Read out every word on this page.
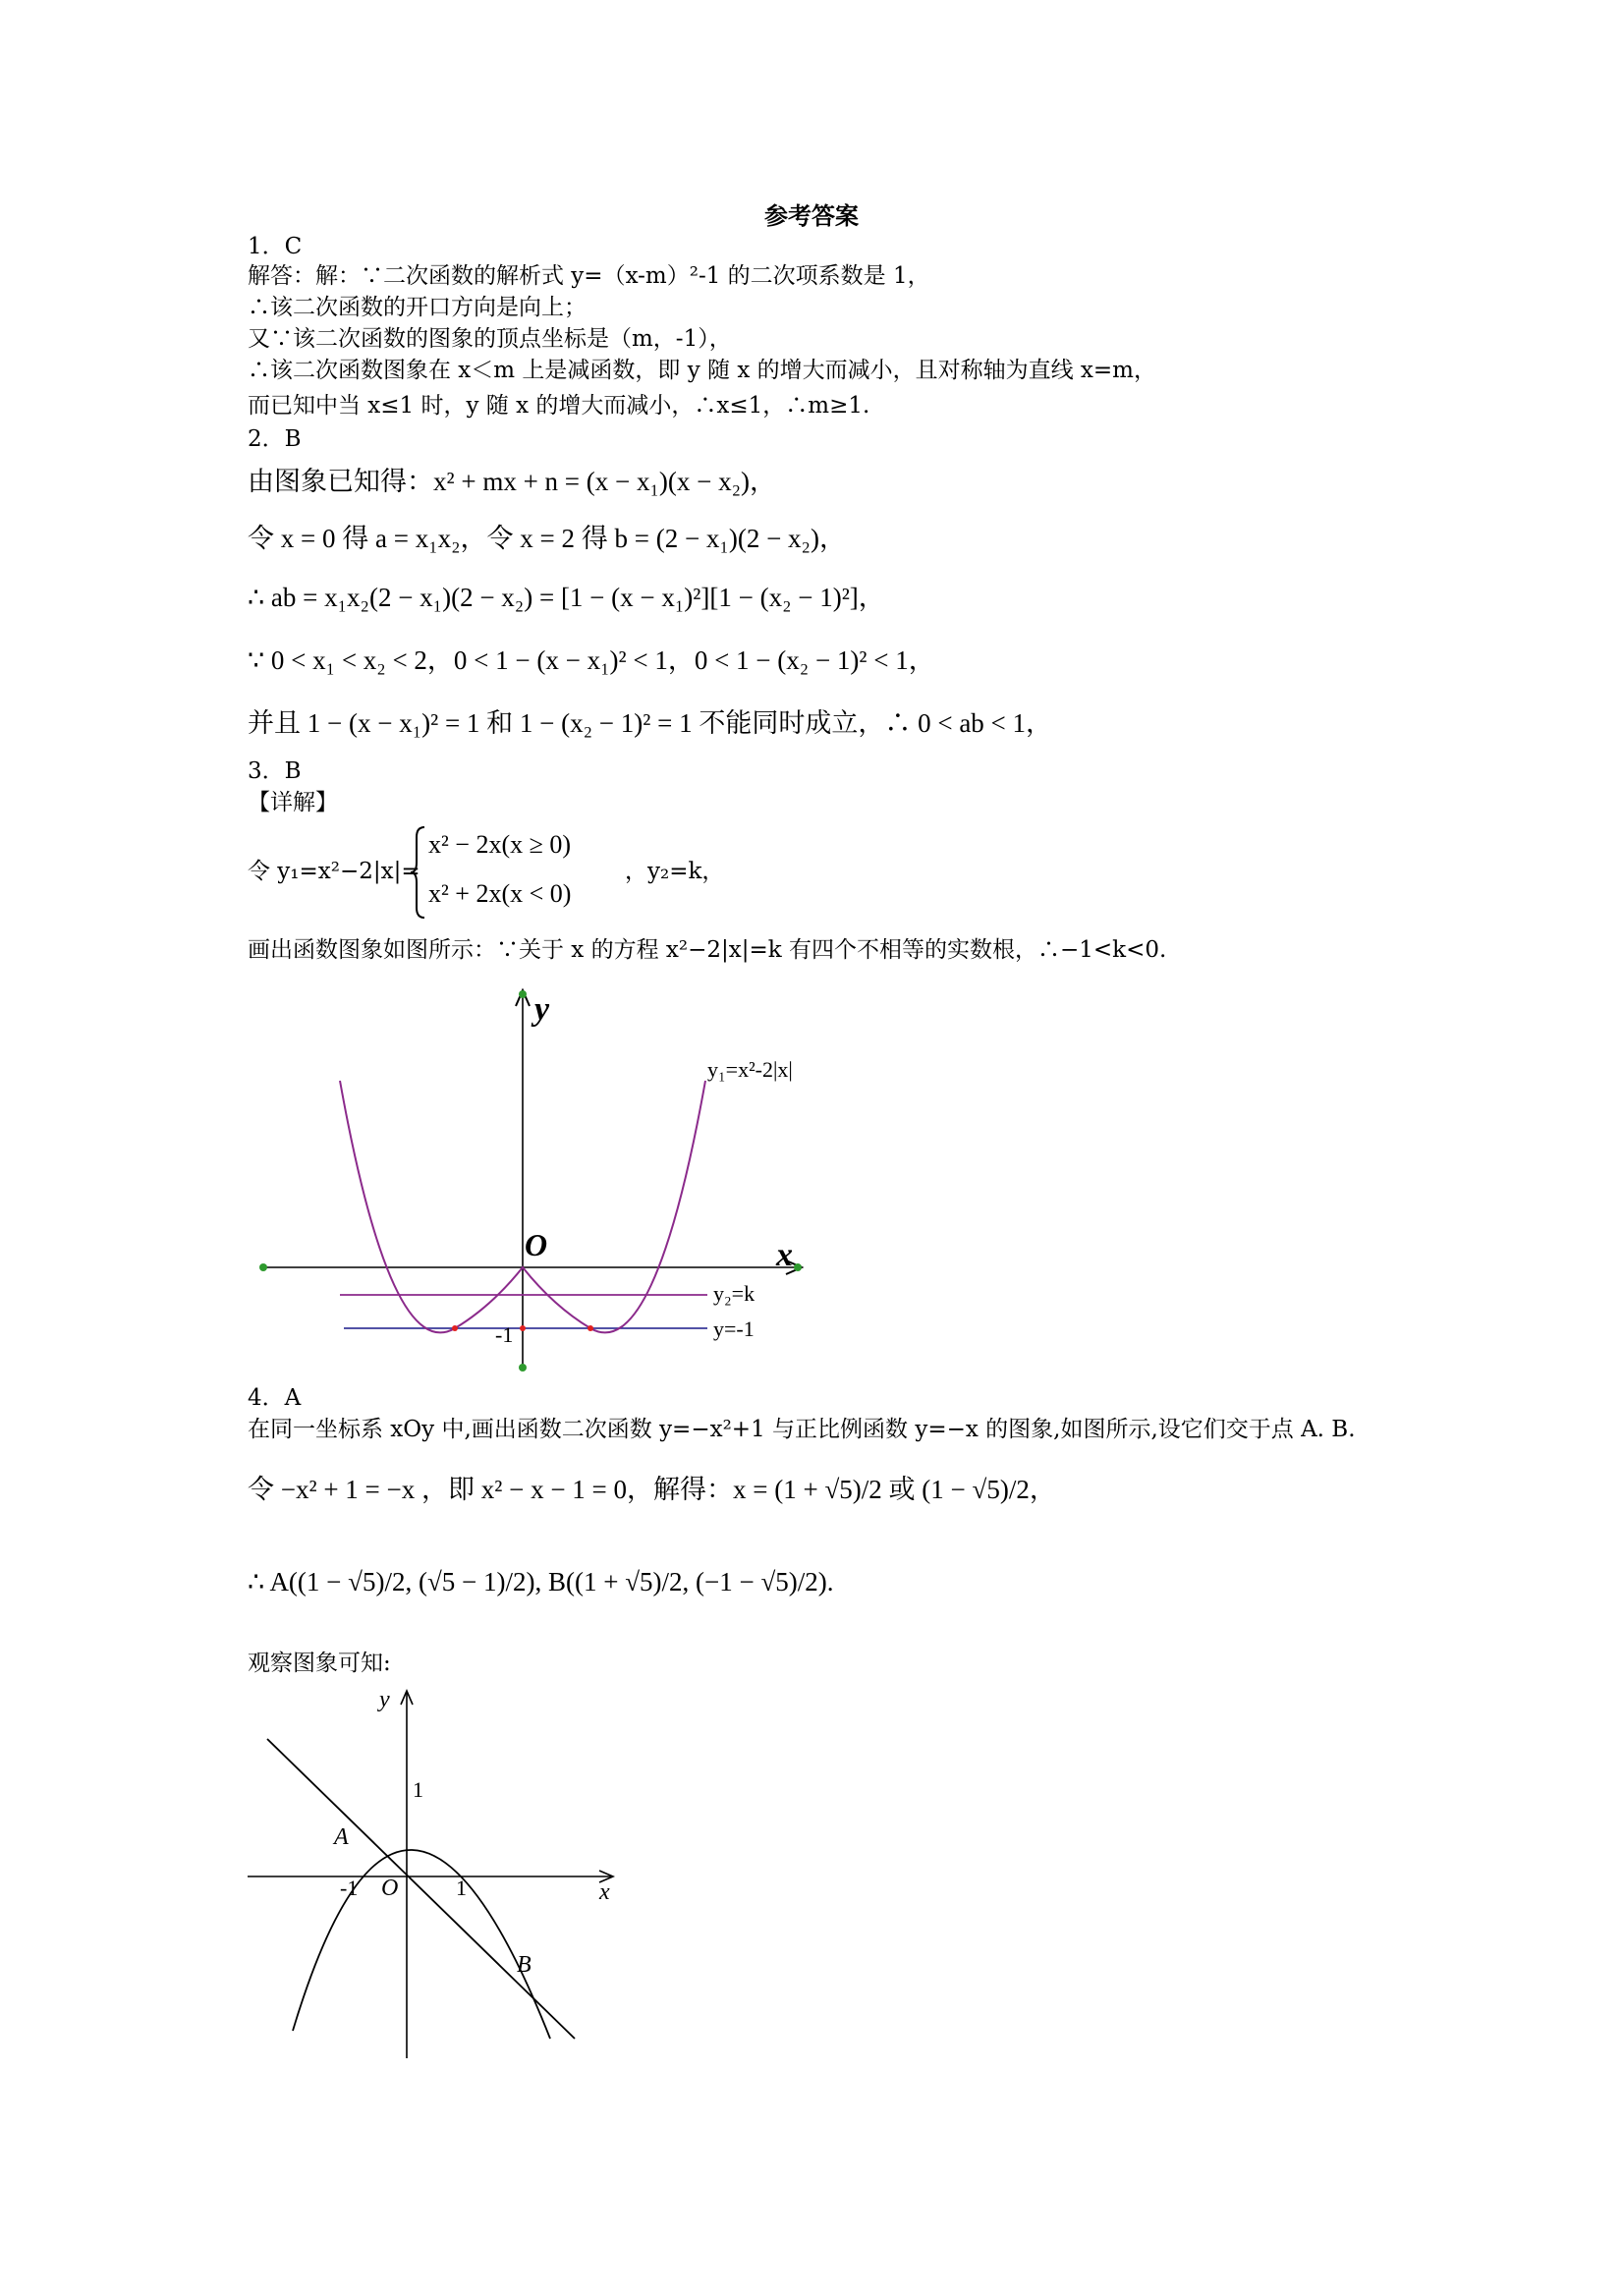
参考答案
1．C
解答：解：∵二次函数的解析式 y=（x-m）²-1 的二次项系数是 1，
∴该二次函数的开口方向是向上；
又∵该二次函数的图象的顶点坐标是（m，-1），
∴该二次函数图象在 x＜m 上是减函数，即 y 随 x 的增大而减小，且对称轴为直线 x=m，
而已知中当 x≤1 时，y 随 x 的增大而减小，∴x≤1，∴m≥1.
2．B
由图象已知得：x² + mx + n = (x − x₁)(x − x₂)，
令 x = 0 得 a = x₁x₂，令 x = 2 得 b = (2 − x₁)(2 − x₂)，
∴ ab = x₁x₂(2 − x₁)(2 − x₂) = [1 − (x − x₁)²][1 − (x₂ − 1)²]，
∵ 0 < x₁ < x₂ < 2，0 < 1 − (x − x₁)² < 1，0 < 1 − (x₂ − 1)² < 1，
并且 1 − (x − x₁)² = 1 和 1 − (x₂ − 1)² = 1 不能同时成立，∴ 0 < ab < 1，
3．B
【详解】
令 y₁=x²−2|x|=
x² − 2x(x ≥ 0)
x² + 2x(x < 0)
，y₂=k，
画出函数图象如图所示：∵关于 x 的方程 x²−2|x|=k 有四个不相等的实数根，∴−1<k<0.
y
x
O
y₁=x²-2|x|
y₂=k
y=-1
-1
4．A
在同一坐标系 xOy 中,画出函数二次函数 y=−x²+1 与正比例函数 y=−x 的图象,如图所示,设它们交于点 A. B.
令 −x² + 1 = −x ，即 x² − x − 1 = 0，解得：x = (1 + √5)/2 或 (1 − √5)/2，
∴ A((1 − √5)/2, (√5 − 1)/2), B((1 + √5)/2, (−1 − √5)/2).
观察图象可知:
y
x
O
1
-1	1
A
B
